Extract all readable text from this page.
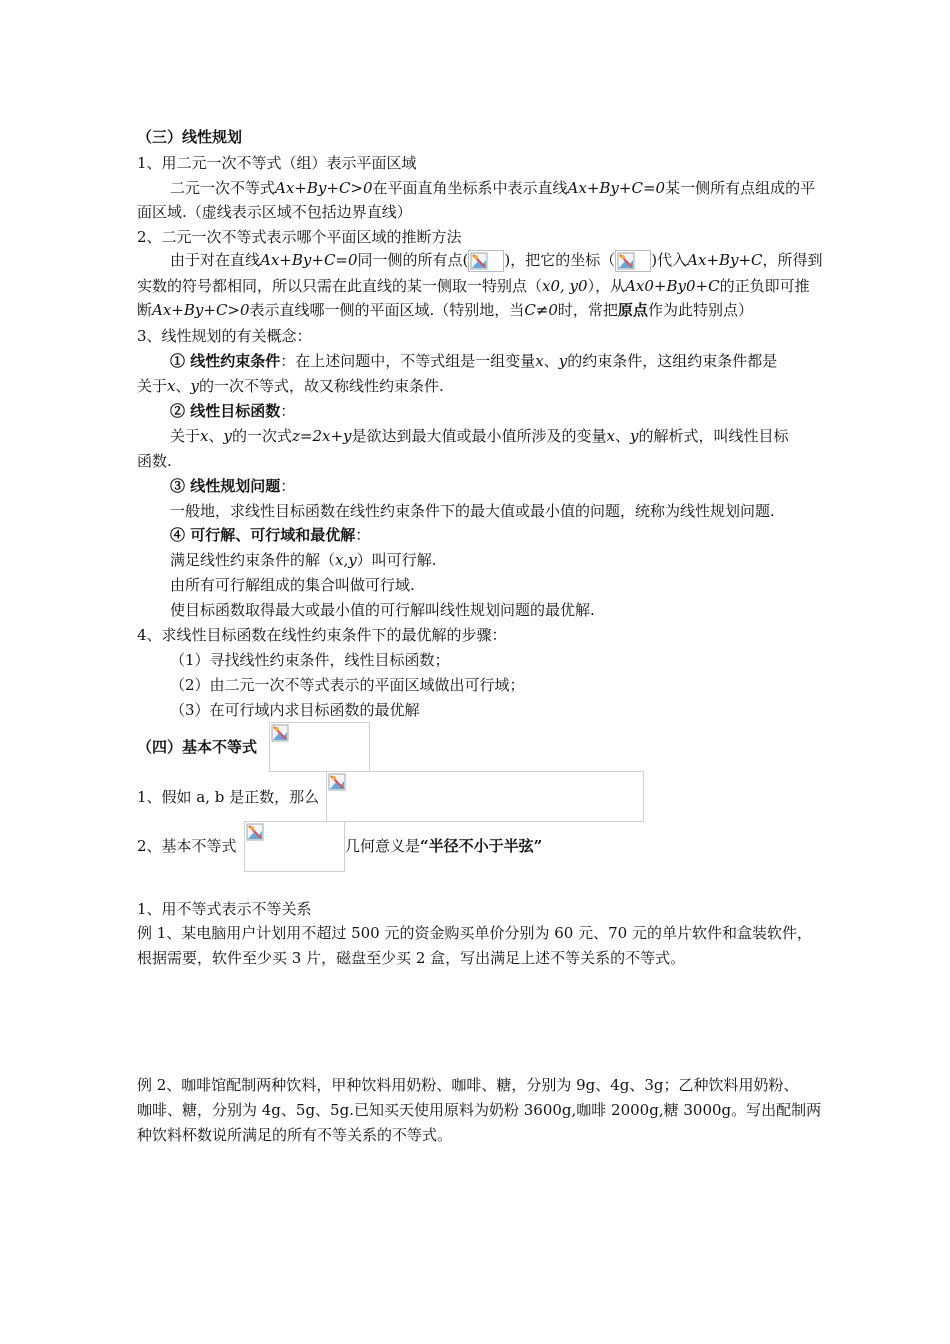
（三）线性规划
1、用二元一次不等式（组）表示平面区域
二元一次不等式Ax+By+C>0在平面直角坐标系中表示直线Ax+By+C=0某一侧所有点组成的平
面区域.（虚线表示区域不包括边界直线）
2、二元一次不等式表示哪个平面区域的推断方法
由于对在直线Ax+By+C=0同一侧的所有点( )，把它的坐标（ )代入Ax+By+C，所得到
实数的符号都相同，所以只需在此直线的某一侧取一特别点（x0, y0），从Ax0+By0+C的正负即可推
断Ax+By+C>0表示直线哪一侧的平面区域.（特别地，当C≠0时，常把原点作为此特别点）
3、线性规划的有关概念：
① 线性约束条件：在上述问题中，不等式组是一组变量x、y的约束条件，这组约束条件都是
关于x、y的一次不等式，故又称线性约束条件.
② 线性目标函数：
关于x、y的一次式z=2x+y是欲达到最大值或最小值所涉及的变量x、y的解析式，叫线性目标
函数.
③ 线性规划问题：
一般地，求线性目标函数在线性约束条件下的最大值或最小值的问题，统称为线性规划问题.
④ 可行解、可行域和最优解：
满足线性约束条件的解（x,y）叫可行解.
由所有可行解组成的集合叫做可行域.
使目标函数取得最大或最小值的可行解叫线性规划问题的最优解.
4、求线性目标函数在线性约束条件下的最优解的步骤：
（1）寻找线性约束条件，线性目标函数；
（2）由二元一次不等式表示的平面区域做出可行域；
（3）在可行域内求目标函数的最优解
（四）基本不等式
1、假如 a, b 是正数，那么
2、基本不等式	几何意义是“半径不小于半弦”
1、用不等式表示不等关系
例 1、某电脑用户计划用不超过 500 元的资金购买单价分别为 60 元、70 元的单片软件和盒装软件，
根据需要，软件至少买 3 片，磁盘至少买 2 盒，写出满足上述不等关系的不等式。
例 2、咖啡馆配制两种饮料，甲种饮料用奶粉、咖啡、糖，分别为 9g、4g、3g；乙种饮料用奶粉、
咖啡、糖，分别为 4g、5g、5g.已知买天使用原料为奶粉 3600g,咖啡 2000g,糖 3000g。写出配制两
种饮料杯数说所满足的所有不等关系的不等式。
